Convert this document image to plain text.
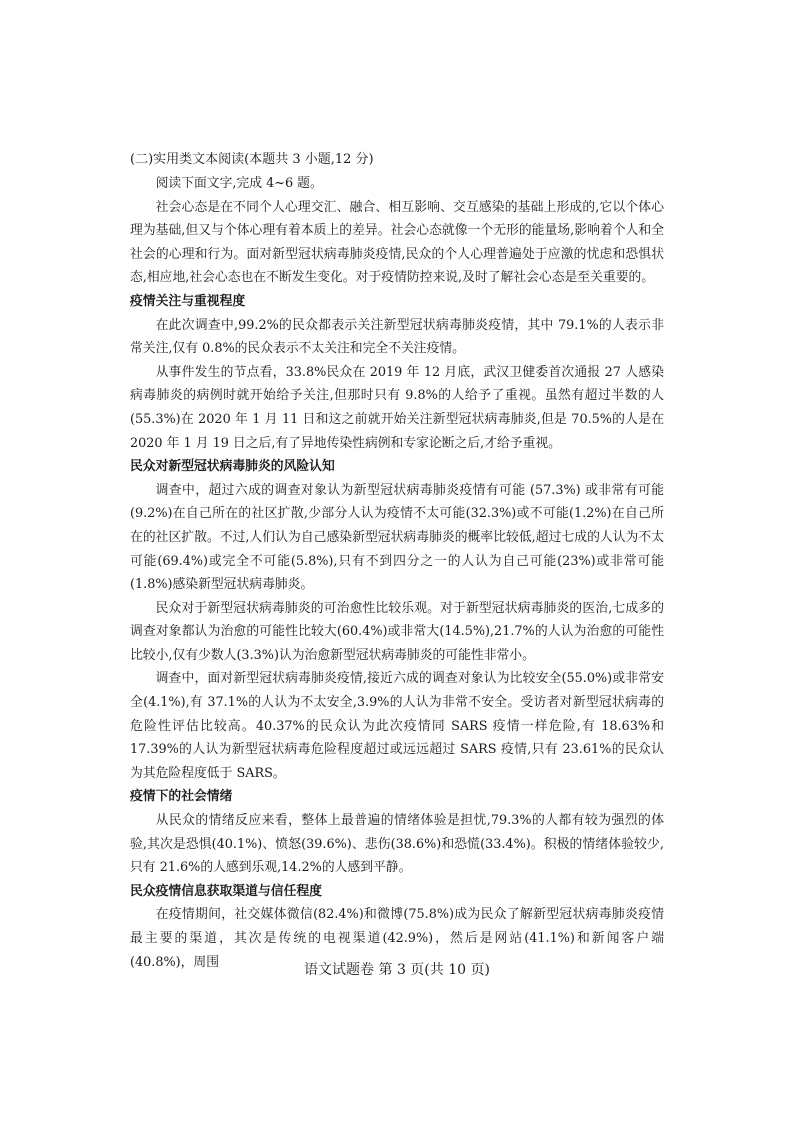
(二)实用类文本阅读(本题共 3 小题,12 分)

阅读下面文字,完成 4~6 题。

社会心态是在不同个人心理交汇、融合、相互影响、交互感染的基础上形成的,它以个体心理为基础,但又与个体心理有着本质上的差异。社会心态就像一个无形的能量场,影响着个人和全社会的心理和行为。面对新型冠状病毒肺炎疫情,民众的个人心理普遍处于应激的忧虑和恐惧状态,相应地,社会心态也在不断发生变化。对于疫情防控来说,及时了解社会心态是至关重要的。

疫情关注与重视程度

在此次调查中,99.2%的民众都表示关注新型冠状病毒肺炎疫情，其中 79.1%的人表示非常关注,仅有 0.8%的民众表示不太关注和完全不关注疫情。

从事件发生的节点看，33.8%民众在 2019 年 12 月底，武汉卫健委首次通报 27 人感染病毒肺炎的病例时就开始给予关注,但那时只有 9.8%的人给予了重视。虽然有超过半数的人(55.3%)在 2020 年 1 月 11 日和这之前就开始关注新型冠状病毒肺炎,但是 70.5%的人是在 2020 年 1 月 19 日之后,有了异地传染性病例和专家论断之后,才给予重视。

民众对新型冠状病毒肺炎的风险认知

调查中，超过六成的调查对象认为新型冠状病毒肺炎疫情有可能 (57.3%) 或非常有可能(9.2%)在自己所在的社区扩散,少部分人认为疫情不太可能(32.3%)或不可能(1.2%)在自己所在的社区扩散。不过,人们认为自己感染新型冠状病毒肺炎的概率比较低,超过七成的人认为不太可能(69.4%)或完全不可能(5.8%),只有不到四分之一的人认为自己可能(23%)或非常可能(1.8%)感染新型冠状病毒肺炎。

民众对于新型冠状病毒肺炎的可治愈性比较乐观。对于新型冠状病毒肺炎的医治,七成多的调查对象都认为治愈的可能性比较大(60.4%)或非常大(14.5%),21.7%的人认为治愈的可能性比较小,仅有少数人(3.3%)认为治愈新型冠状病毒肺炎的可能性非常小。

调查中，面对新型冠状病毒肺炎疫情,接近六成的调查对象认为比较安全(55.0%)或非常安全(4.1%),有 37.1%的人认为不太安全,3.9%的人认为非常不安全。受访者对新型冠状病毒的危险性评估比较高。40.37%的民众认为此次疫情同 SARS 疫情一样危险,有 18.63%和 17.39%的人认为新型冠状病毒危险程度超过或远远超过 SARS 疫情,只有 23.61%的民众认为其危险程度低于 SARS。

疫情下的社会情绪

从民众的情绪反应来看，整体上最普遍的情绪体验是担忧,79.3%的人都有较为强烈的体验,其次是恐惧(40.1%)、愤怒(39.6%)、悲伤(38.6%)和恐慌(33.4%)。积极的情绪体验较少,只有 21.6%的人感到乐观,14.2%的人感到平静。

民众疫情信息获取渠道与信任程度

在疫情期间，社交媒体微信(82.4%)和微博(75.8%)成为民众了解新型冠状病毒肺炎疫情最主要的渠道，其次是传统的电视渠道(42.9%)，然后是网站(41.1%)和新闻客户端(40.8%)，周围	语文试题卷 第 3 页(共 10 页)
